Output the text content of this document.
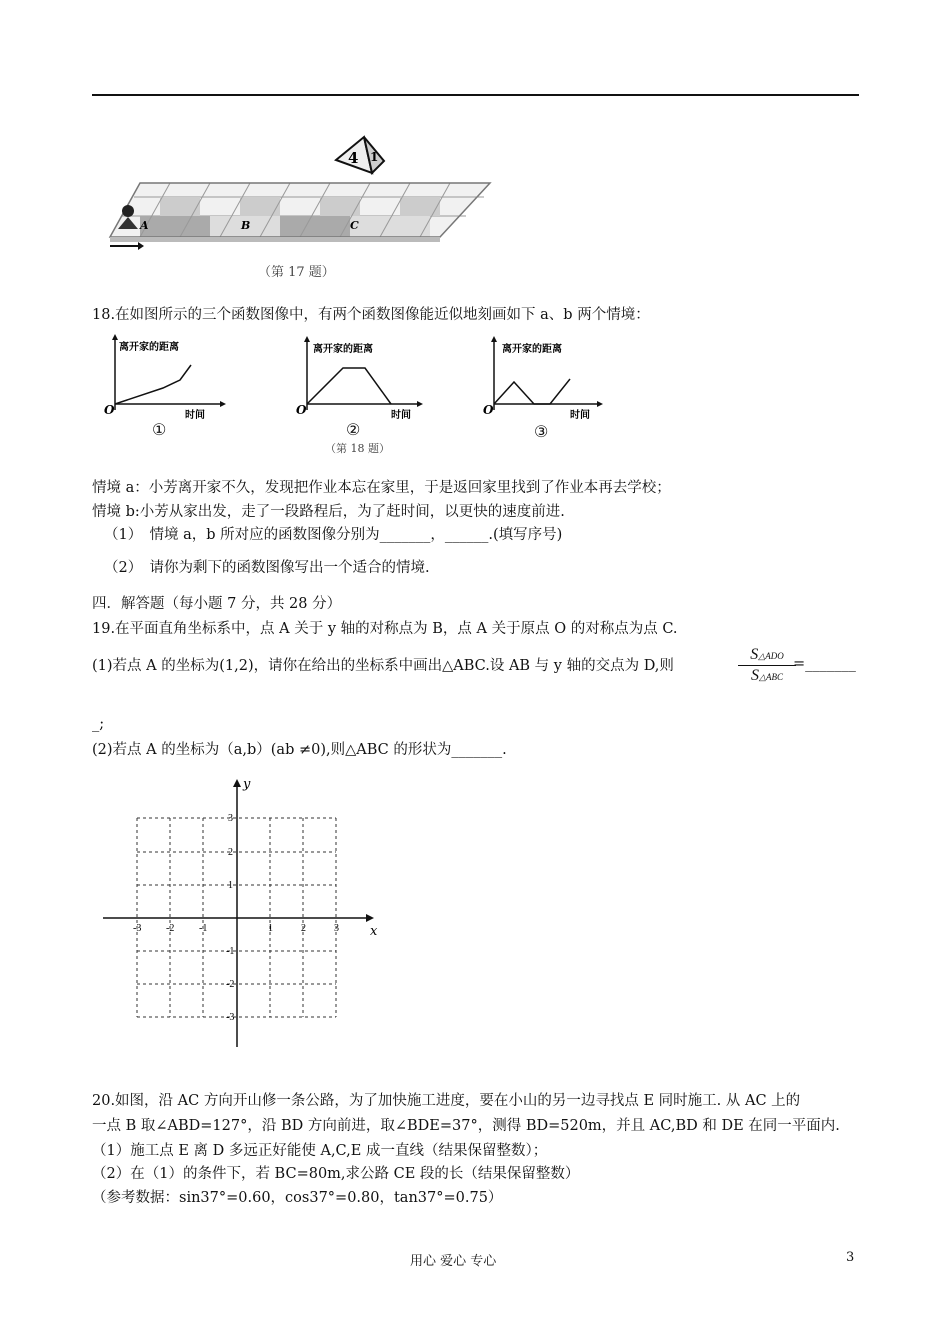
A	B	C
4 1
（第 17 题）
18.在如图所示的三个函数图像中，有两个函数图像能近似地刻画如下 a、b 两个情境：
离开家的距离
时间
O
①
离开家的距离
时间
O
②
（第 18 题）
离开家的距离
时间
O
③
情境 a：小芳离开家不久，发现把作业本忘在家里，于是返回家里找到了作业本再去学校；
情境 b:小芳从家出发，走了一段路程后，为了赶时间，以更快的速度前进.
（1）　情境 a，b 所对应的函数图像分别为_______，______.(填写序号)
（2）　请你为剩下的函数图像写出一个适合的情境.
四．解答题（每小题 7 分，共 28 分）
19.在平面直角坐标系中，点 A 关于 y 轴的对称点为 B，点 A 关于原点 O 的对称点为点 C.
(1)若点 A 的坐标为(1,2)，请你在给出的坐标系中画出△ABC.设 AB 与 y 轴的交点为 D,则
S△ADO
S△ABC
=_______
_;
(2)若点 A 的坐标为（a,b）(ab ≠0),则△ABC 的形状为_______.
x
y
-3 -2 -1	1	2	3
3
2
1
-1
-2
-3
20.如图，沿 AC 方向开山修一条公路，为了加快施工进度，要在小山的另一边寻找点 E 同时施工. 从 AC 上的
一点 B 取∠ABD=127°，沿 BD 方向前进，取∠BDE=37°，测得 BD=520m，并且 AC,BD 和 DE 在同一平面内.
（1）施工点 E 离 D 多远正好能使 A,C,E 成一直线（结果保留整数）；
（2）在（1）的条件下，若 BC=80m,求公路 CE 段的长（结果保留整数）
（参考数据：sin37°=0.60，cos37°=0.80，tan37°=0.75）
用心 爱心 专心	3
